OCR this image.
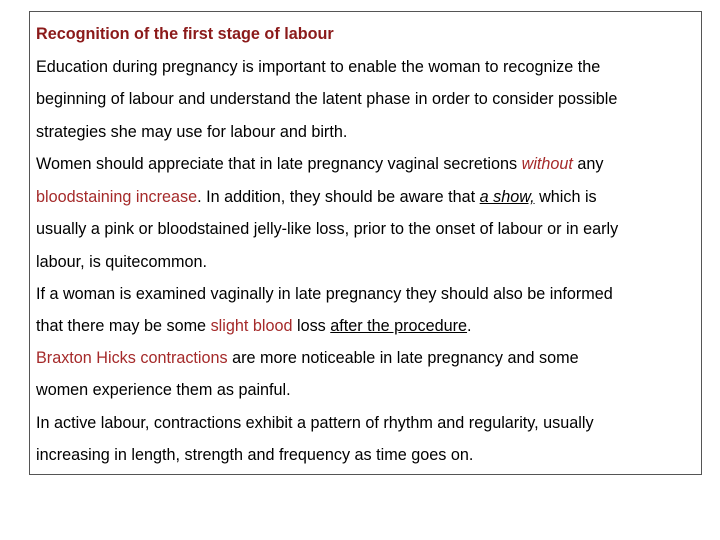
Recognition of the first stage of labour
Education during pregnancy is important to enable the woman to recognize the
beginning of labour and understand the latent phase in order to consider possible
strategies she may use for labour and birth.
Women should appreciate that in late pregnancy vaginal secretions without any
bloodstaining increase. In addition, they should be aware that a show, which is
usually a pink or bloodstained jelly-like loss, prior to the onset of labour or in early
labour, is quitecommon.
If a woman is examined vaginally in late pregnancy they should also be informed
that there may be some slight blood loss after the procedure.
Braxton Hicks contractions are more noticeable in late pregnancy and some
women experience them as painful.
In active labour, contractions exhibit a pattern of rhythm and regularity, usually
increasing in length, strength and frequency as time goes on.
